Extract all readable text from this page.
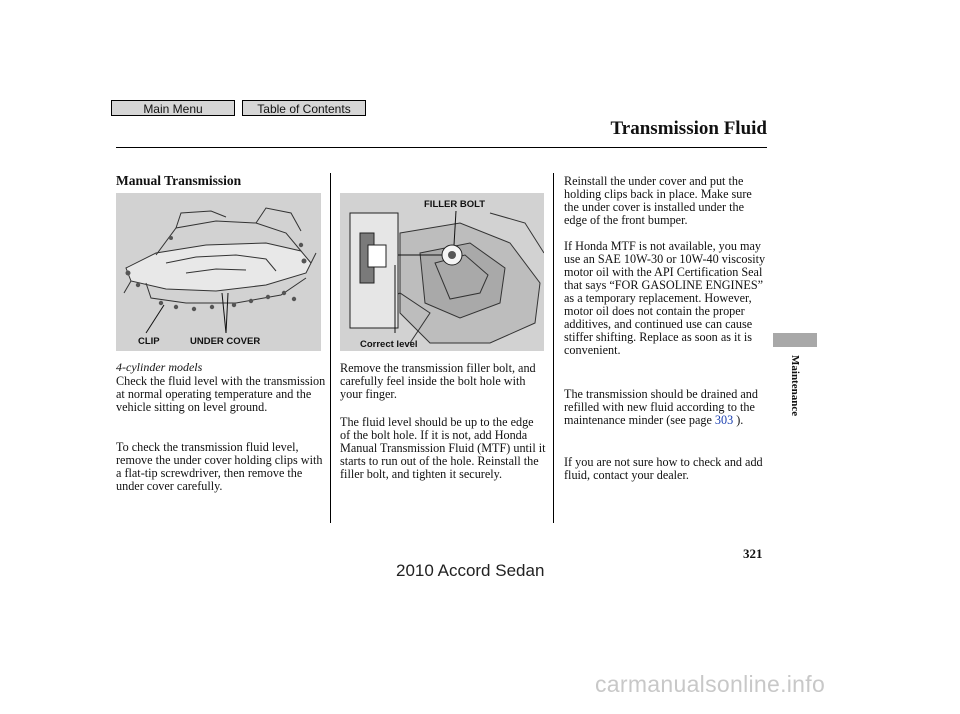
Main Menu	Table of Contents
Transmission Fluid
Maintenance
Manual Transmission
CLIP	UNDER COVER
FILLER BOLT
Correct level
4-cylinder models

Check the fluid level with the transmission at normal operating temperature and the vehicle sitting on level ground.

To check the transmission fluid level, remove the under cover holding clips with a flat-tip screwdriver, then remove the under cover carefully.

Remove the transmission filler bolt, and carefully feel inside the bolt hole with your finger.

The fluid level should be up to the edge of the bolt hole. If it is not, add Honda Manual Transmission Fluid (MTF) until it starts to run out of the hole. Reinstall the filler bolt, and tighten it securely.

Reinstall the under cover and put the holding clips back in place. Make sure the under cover is installed under the edge of the front bumper.

If Honda MTF is not available, you may use an SAE 10W-30 or 10W-40 viscosity motor oil with the API Certification Seal that says “FOR GASOLINE ENGINES” as a temporary replacement. However, motor oil does not contain the proper additives, and continued use can cause stiffer shifting. Replace as soon as it is convenient.

The transmission should be drained and refilled with new fluid according to the maintenance minder (see page 303 ).

If you are not sure how to check and add fluid, contact your dealer.

321
2010 Accord Sedan
carmanualsonline.info
